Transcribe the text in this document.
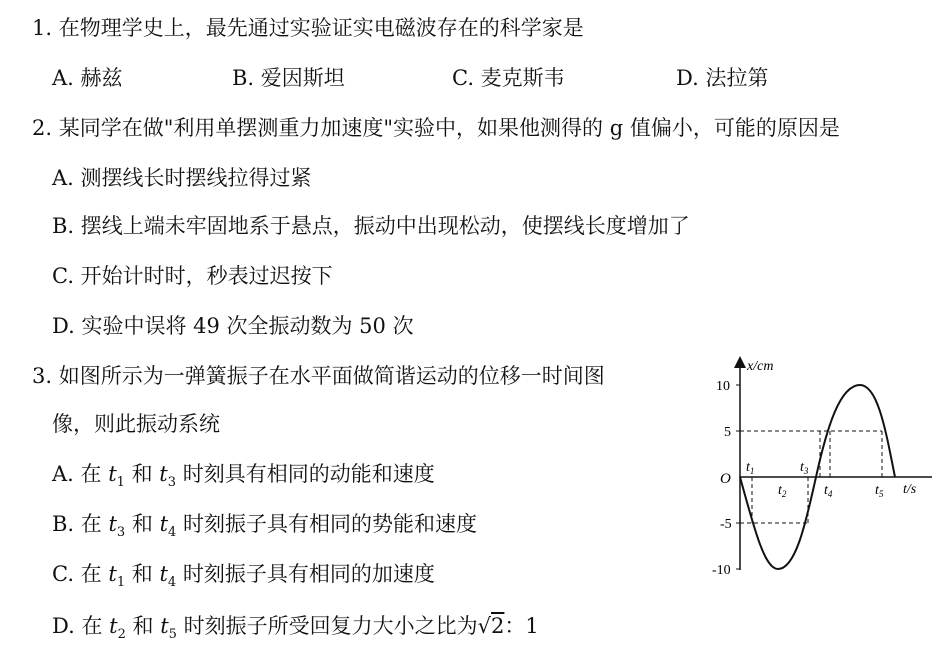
1. 在物理学史上，最先通过实验证实电磁波存在的科学家是
A. 赫兹	B. 爱因斯坦	C. 麦克斯韦	D. 法拉第
2. 某同学在做"利用单摆测重力加速度"实验中，如果他测得的 g 值偏小，可能的原因是
A. 测摆线长时摆线拉得过紧
B. 摆线上端未牢固地系于悬点，振动中出现松动，使摆线长度增加了
C. 开始计时时，秒表过迟按下
D. 实验中误将 49 次全振动数为 50 次
3. 如图所示为一弹簧振子在水平面做简谐运动的位移一时间图
像，则此振动系统
A. 在 $t_1$ 和 $t_3$ 时刻具有相同的动能和速度
B. 在 $t_3$ 和 $t_4$ 时刻振子具有相同的势能和速度
C. 在 $t_1$ 和 $t_4$ 时刻振子具有相同的加速度
D. 在 $t_2$ 和 $t_5$ 时刻振子所受回复力大小之比为√2：1
x/cm
10
5
-5
-10
O
t/s
$t_1$
$t_2$
$t_3$
$t_4$	$t_5$
